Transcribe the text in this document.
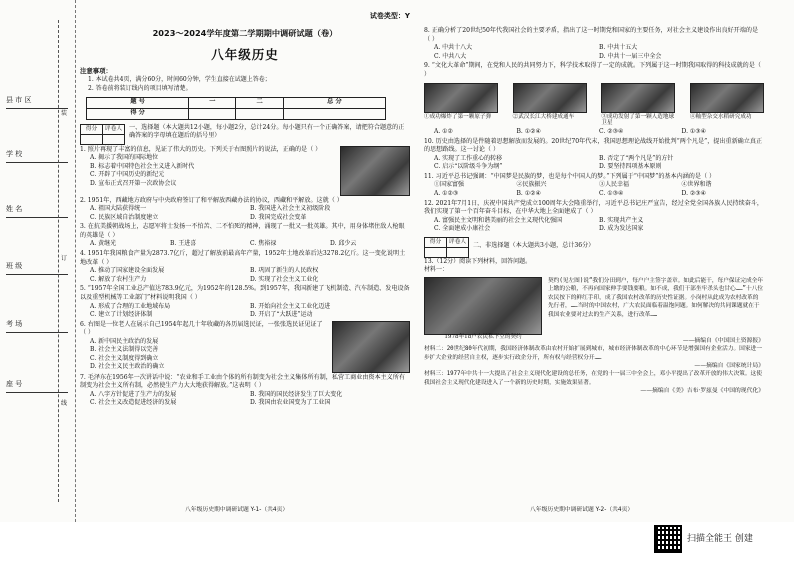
县 市 区
学 校
姓 名
班 级
考 场
座 号
装
订
线
试卷类型：Y
2023～2024学年度第二学期期中调研试题（卷）
八年级历史
注意事项：
1. 本试卷共4页，满分60分，时间60分钟，学生直接在试题上答卷；
2. 答卷前将装订线内的项目填写清楚。
题 号	一	二	总 分
得 分			
得分	评卷人
	一、选择题（本大题共12小题，每小题2分，总计24分。每小题只有一个正确答案，请把符合题意的正确答案的字母填在题后的括号里）
1. 照片再现了丰富的信息，见证了伟大的历史。下列关于右图照片的说法，正确的是（ ）
A. 揭示了我国的国际地位
B. 标志着中国特色社会主义进入新时代
C. 开辟了中国历史的新纪元
D. 宣布正式召开第一次政协会议
2. 1951年，西藏地方政府与中央政府签订了和平解放西藏办法的协议，西藏和平解放。这就（ ）
A. 祖国大陆获得统一	B. 我国进入社会主义初级阶段
C. 民族区域自治制度建立	D. 我国完成社会变革
3. 在抗美援朝战场上，志愿军将士发扬一不怕苦、二不怕死的精神，涌现了一批又一批英雄。其中，用身体堵住敌人枪眼的英雄是（ ）
A. 黄继光	B. 王进喜	C. 焦裕禄	D. 邱少云
4. 1951年我国粮食产量为2873.7亿斤，超过了解放前最高年产量，1952年土地改革后达3278.2亿斤。这一变化说明土地改革（ ）
A. 推动了国家建设全面发展	B. 巩固了新生的人民政权
C. 解放了农村生产力	D. 实现了社会主义工业化
5. “1957年全国工业总产值达783.9亿元，为1952年的128.5%。到1957年，我国新建了飞机制造、汽车制造、发电设备以及重型机械等工业部门”材料说明我国（ ）
A. 形成了合理的工业地域布局	B. 开始向社会主义工业化迈进
C. 建立了计划经济体制	D. 开启了“大跃进”运动
6. 右图是一位老人在展示自己1954年起几十年收藏的各历届选民证，一张张选民证见证了（ ）
A. 新中国民主政治的发展
B. 社会主义法制得以完善
C. 社会主义制度得到确立
D. 社会主义民主政治的确立
7. 毛泽东在1956年一次讲话中说：“农业和手工业由个体的所有制变为社会主义集体所有制，私营工商业由资本主义所有制变为社会主义所有制，必然使生产力大大地获得解放。”这表明（ ）
A. 八字方针促进了生产力的发展	B. 我国的国民经济发生了巨大变化
C. 社会主义改造促进经济的发展	D. 我国由农业国变为了工业国
八年级历史期中调研试题 Y-1-（共4页）
8. 正确分析了20世纪50年代我国社会的主要矛盾，指出了这一时期党和国家的主要任务，对社会主义建设作出良好开端的是（ ）
A. 中共十八大	B. 中共十五大
C. 中共八大	D. 中共十一届三中全会
9. “文化大革命”期间，在党和人民的共同努力下，科学技术取得了一定的成就。下列属于这一时期我国取得的科技成就的是（ ）
①成功爆炸了第一颗原子弹	②武汉长江大桥建成通车	③成功发射了第一颗人造地球卫星
④籼型杂交水稻研究成功
A. ①②	B. ①②④	C. ②③④	D. ①③④
10. 历史由选择的是件随着思想解放而发展的。20世纪70年代末，我国思想理论战线开始批判“两个凡是”，提出重新确立真正的思想路线。这一讨论（ ）
A. 实现了工作重心的转移	B. 否定了“两个凡是”的方针
C. 启示“以阶级斗争为纲”	D. 要坚持四项基本原则
11. 习近平总书记强调：“中国梦是民族的梦，也是每个中国人的梦。”下列属于“中国梦”的基本内涵的是（ ）
①国家富强	②民族振兴	③人民幸福	④世界和谐
A. ①②③	B. ①②④	C. ①③④	D. ②③④
12. 2021年7月1日，庆祝中国共产党成立100周年大会隆重举行，习近平总书记庄严宣告，经过全党全国各族人民持续奋斗，我们实现了第一个百年奋斗目标，在中华大地上全面建成了（ ）
A. 富强民主文明和谐美丽的社会主义现代化强国	B. 实现共产主义
C. 全面建成小康社会	D. 成为发达国家
得分	评卷人
	二、非选择题（本大题共3小题，总计36分）
13.（12分）阅读下列材料，回答问题。
材料一：
1978年18户农民私下立的契约
契约(见左图)说“我们分田到户，每户户主签字盖章。如此后能干，每户保证完成全年上缴的公粮，不再向国家伸手要钱要粮。如不成，我们干部坐牢杀头也甘心……”十八位农民按下的鲜红手印，成了我国农村改革的历史性证据。小岗村从此成为农村改革的先行者，……当时的中国农村，广大农民面临着温饱问题。如何解决的共同课题就在于我国农业要对过去的生产关系，进行改革……
——摘编自《中国国土资源报》
材料二：20世纪80年代初期，我国经济体制改革由农村开始扩展到城市，城市经济体制改革的中心环节是增强国有企业活力。国家进一步扩大企业的经营自主权，逐步实行政企分开，所有权与经营权分开……
——摘编自《国家统计局》
材料三：1977年中共十一大提出了社会主义现代化建设的总任务，在党的十一届三中全会上，邓小平提出了改革开放的伟大决策。这使我国社会主义现代化建设进入了一个新的历史时期，实施效果显著。
——摘编自《美》吉布·罗兹曼《中国的现代化》
八年级历史期中调研试题 Y-2-（共4页）
扫描全能王 创建
